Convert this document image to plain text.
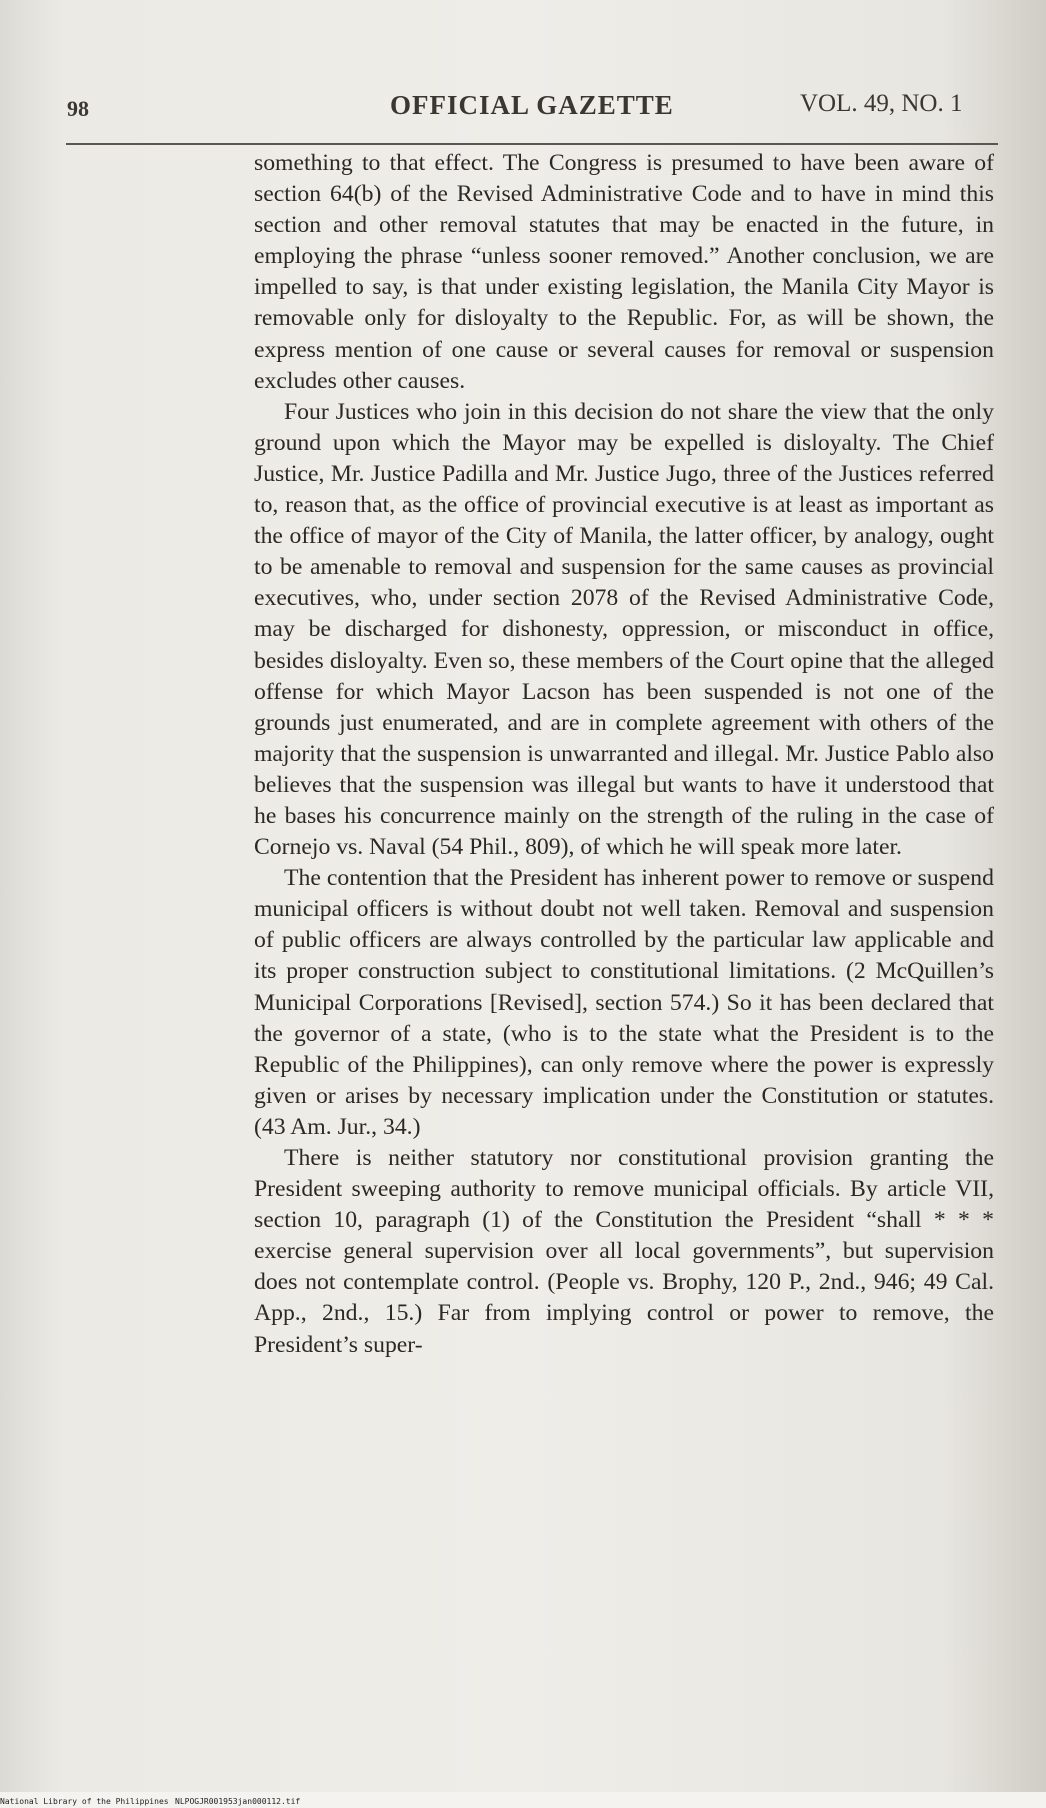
98	OFFICIAL GAZETTE	VOL. 49, NO. 1

something to that effect. The Congress is presumed to have been aware of section 64(b) of the Revised Administrative Code and to have in mind this section and other removal statutes that may be enacted in the future, in employing the phrase “unless sooner removed.” Another conclusion, we are impelled to say, is that under existing legislation, the Manila City Mayor is removable only for disloyalty to the Republic. For, as will be shown, the express mention of one cause or several causes for removal or suspension excludes other causes.

Four Justices who join in this decision do not share the view that the only ground upon which the Mayor may be expelled is disloyalty. The Chief Justice, Mr. Justice Padilla and Mr. Justice Jugo, three of the Justices referred to, reason that, as the office of provincial executive is at least as important as the office of mayor of the City of Manila, the latter officer, by analogy, ought to be amenable to removal and suspension for the same causes as provincial executives, who, under section 2078 of the Revised Administrative Code, may be discharged for dishonesty, oppression, or misconduct in office, besides disloyalty. Even so, these members of the Court opine that the alleged offense for which Mayor Lacson has been suspended is not one of the grounds just enumerated, and are in complete agreement with others of the majority that the suspension is unwarranted and illegal. Mr. Justice Pablo also believes that the suspension was illegal but wants to have it understood that he bases his concurrence mainly on the strength of the ruling in the case of Cornejo vs. Naval (54 Phil., 809), of which he will speak more later.

The contention that the President has inherent power to remove or suspend municipal officers is without doubt not well taken. Removal and suspension of public officers are always controlled by the particular law applicable and its proper construction subject to constitutional limitations. (2 McQuillen’s Municipal Corporations [Revised], section 574.) So it has been declared that the governor of a state, (who is to the state what the President is to the Republic of the Philippines), can only remove where the power is expressly given or arises by necessary implication under the Constitution or statutes. (43 Am. Jur., 34.)

There is neither statutory nor constitutional provision granting the President sweeping authority to remove municipal officials. By article VII, section 10, paragraph (1) of the Constitution the President “shall * * * exercise general supervision over all local governments”, but supervision does not contemplate control. (People vs. Brophy, 120 P., 2nd., 946; 49 Cal. App., 2nd., 15.) Far from implying control or power to remove, the President’s super-

National Library of the Philippines NLPOGJR001953jan000112.tif
